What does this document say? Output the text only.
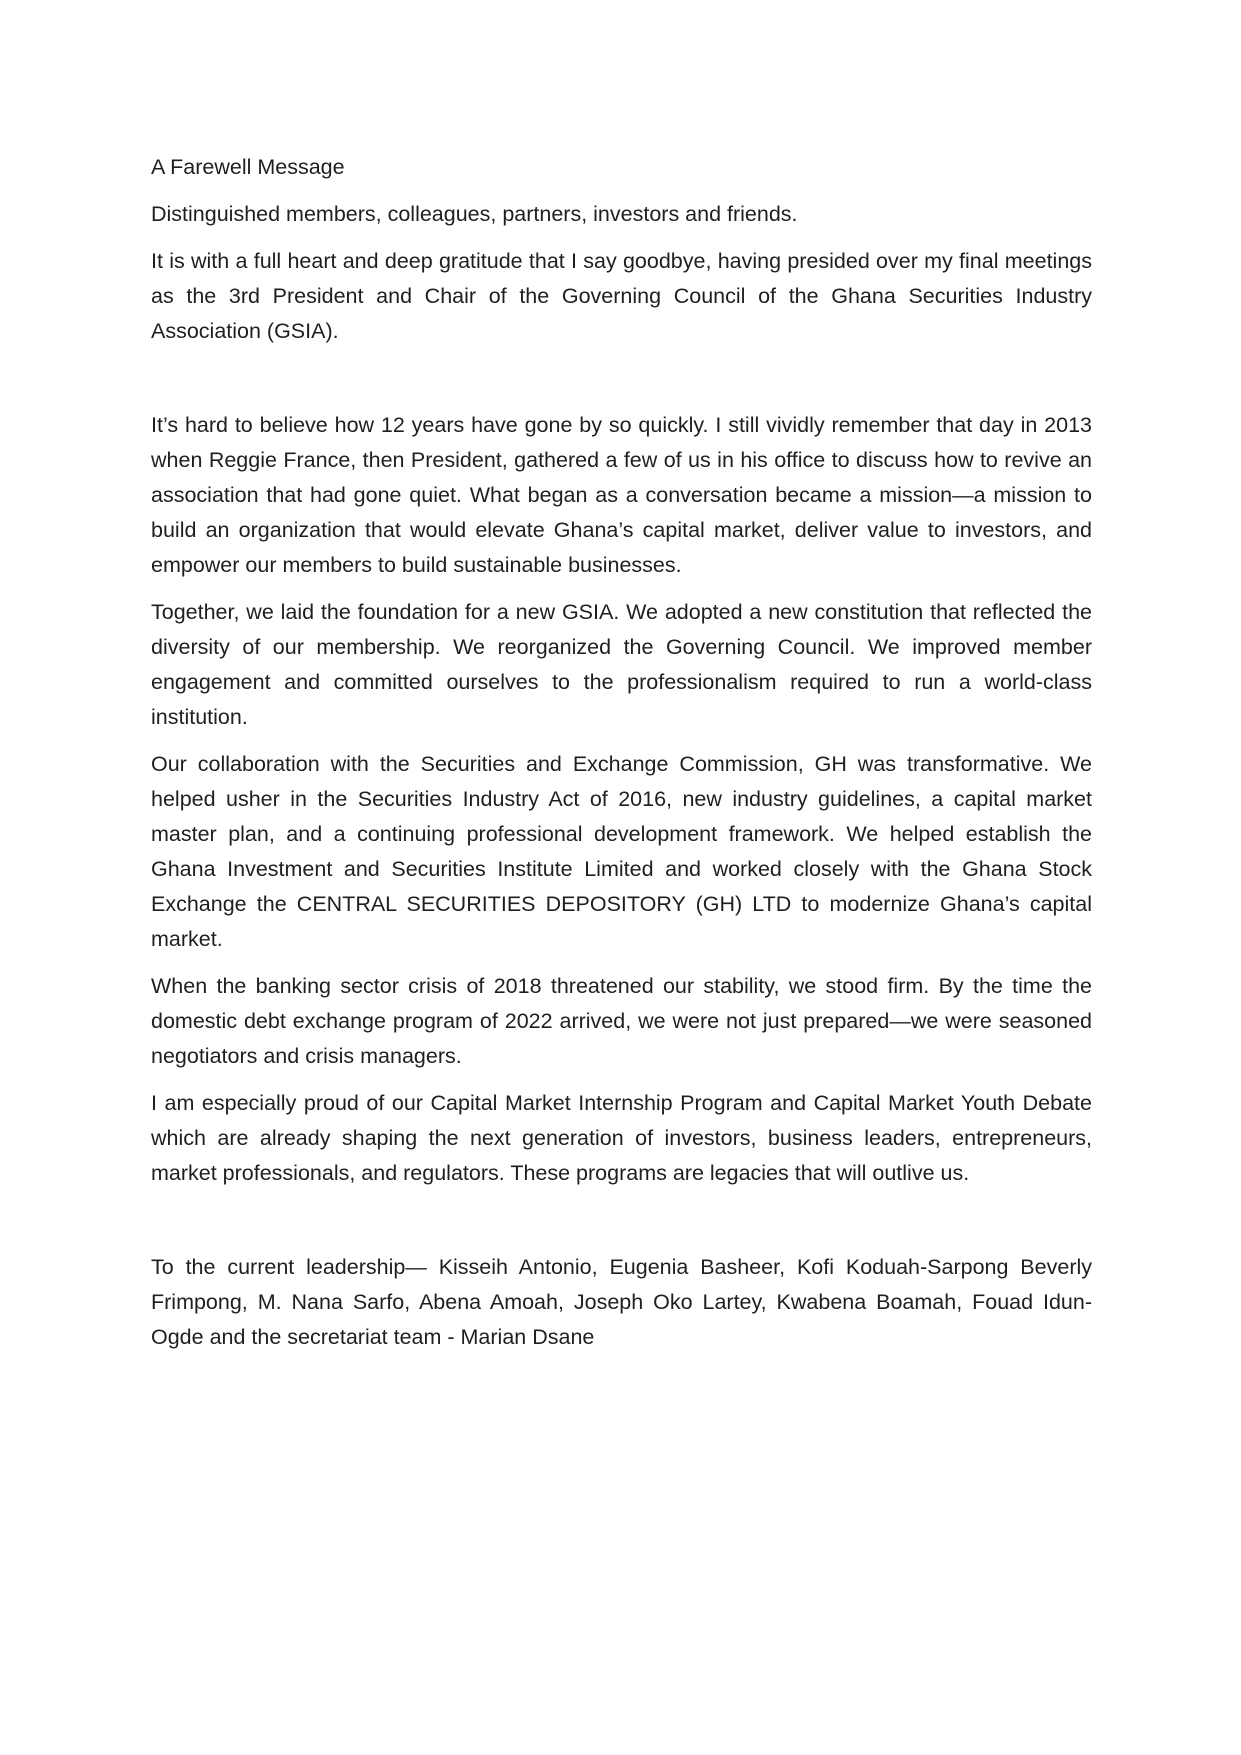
A Farewell Message

Distinguished members, colleagues, partners, investors and friends.

It is with a full heart and deep gratitude that I say goodbye, having presided over my final meetings as the 3rd President and Chair of the Governing Council of the Ghana Securities Industry Association (GSIA).

It’s hard to believe how 12 years have gone by so quickly. I still vividly remember that day in 2013 when Reggie France, then President, gathered a few of us in his office to discuss how to revive an association that had gone quiet. What began as a conversation became a mission—a mission to build an organization that would elevate Ghana’s capital market, deliver value to investors, and empower our members to build sustainable businesses.

Together, we laid the foundation for a new GSIA. We adopted a new constitution that reflected the diversity of our membership. We reorganized the Governing Council. We improved member engagement and committed ourselves to the professionalism required to run a world-class institution.

Our collaboration with the Securities and Exchange Commission, GH was transformative. We helped usher in the Securities Industry Act of 2016, new industry guidelines, a capital market master plan, and a continuing professional development framework. We helped establish the Ghana Investment and Securities Institute Limited and worked closely with the Ghana Stock Exchange the CENTRAL SECURITIES DEPOSITORY (GH) LTD to modernize Ghana’s capital market.

When the banking sector crisis of 2018 threatened our stability, we stood firm. By the time the domestic debt exchange program of 2022 arrived, we were not just prepared—we were seasoned negotiators and crisis managers.

I am especially proud of our Capital Market Internship Program and Capital Market Youth Debate which are already shaping the next generation of investors, business leaders, entrepreneurs, market professionals, and regulators. These programs are legacies that will outlive us.

To the current leadership— Kisseih Antonio, Eugenia Basheer, Kofi Koduah-Sarpong Beverly Frimpong, M. Nana Sarfo, Abena Amoah, Joseph Oko Lartey, Kwabena Boamah, Fouad Idun-Ogde and the secretariat team - Marian Dsane
